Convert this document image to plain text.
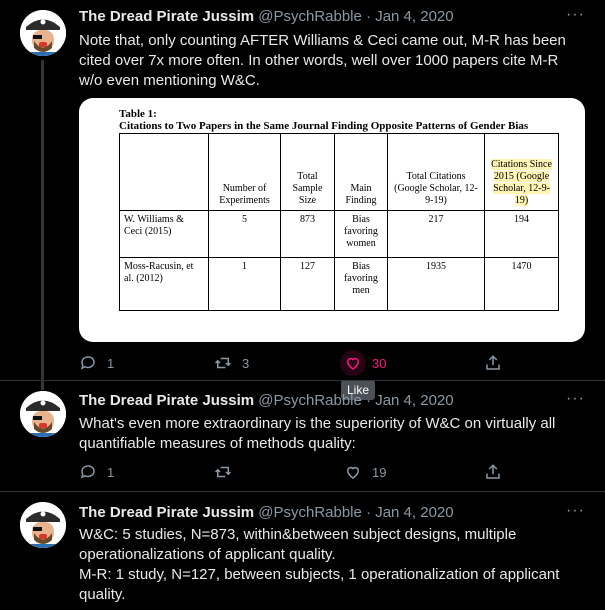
The Dread Pirate Jussim @PsychRabble · Jan 4, 2020	···
Note that, only counting AFTER Williams & Ceci came out, M-R has been cited over 7x more often. In other words, well over 1000 papers cite M-R w/o even mentioning W&C.
Table 1:
Citations to Two Papers in the Same Journal Finding Opposite Patterns of Gender Bias
	Number of Experiments	Total Sample Size	Main Finding	Total Citations (Google Scholar, 12-9-19)	Citations Since 2015 (Google Scholar, 12-9-19)
W. Williams & Ceci (2015)	5	873	Bias favoring women	217	194
Moss-Racusin, et al. (2012)	1	127	Bias favoring men	1935	1470
1	3	30
Like
The Dread Pirate Jussim @PsychRabble · Jan 4, 2020	···
What's even more extraordinary is the superiority of W&C on virtually all quantifiable measures of methods quality:
1	19
The Dread Pirate Jussim @PsychRabble · Jan 4, 2020	···
W&C: 5 studies, N=873, within&between subject designs, multiple operationalizations of applicant quality.
M-R: 1 study, N=127, between subjects, 1 operationalization of applicant quality.
